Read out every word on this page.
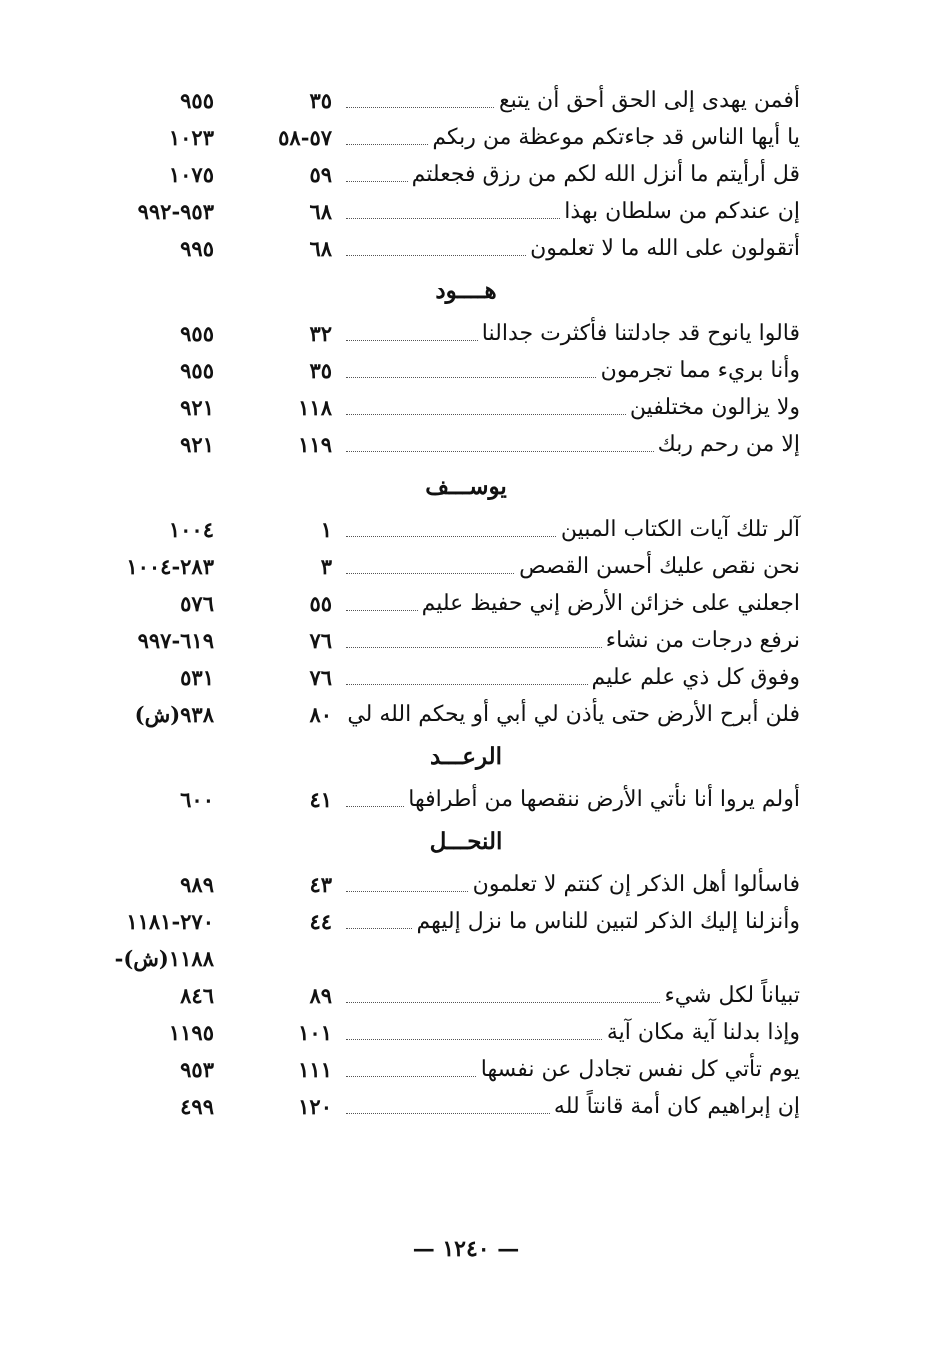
أفمن يهدى إلى الحق أحق أن يتبع
٣٥
٩٥٥
يا أيها الناس قد جاءتكم موعظة من ربكم
٥٧-٥٨
١٠٢٣
قل أرأيتم ما أنزل الله لكم من رزق فجعلتم
٥٩
١٠٧٥
إن عندكم من سلطان بهذا
٦٨
٩٥٣-٩٩٢
أتقولون على الله ما لا تعلمون
٦٨
٩٩٥
هــــود
قالوا يانوح قد جادلتنا فأكثرت جدالنا
٣٢
٩٥٥
وأنا بريء مما تجرمون
٣٥
٩٥٥
ولا يزالون مختلفين
١١٨
٩٢١
إلا من رحم ربك
١١٩
٩٢١
يوســـف
آلر تلك آيات الكتاب المبين
١
١٠٠٤
نحن نقص عليك أحسن القصص
٣
٢٨٣-١٠٠٤
اجعلني على خزائن الأرض إني حفيظ عليم
٥٥
٥٧٦
نرفع درجات من نشاء
٧٦
٦١٩-٩٩٧
وفوق كل ذي علم عليم
٧٦
٥٣١
فلن أبرح الأرض حتى يأذن لي أبي أو يحكم الله لي
٨٠
٩٣٨(ش)
الرعـــد
أولم يروا أنا نأتي الأرض ننقصها من أطرافها
٤١
٦٠٠
النحـــل
فاسألوا أهل الذكر إن كنتم لا تعلمون
٤٣
٩٨٩
وأنزلنا إليك الذكر لتبين للناس ما نزل إليهم
٤٤
٢٧٠-١١٨١
-١١٨٨(ش)
تبياناً لكل شيء
٨٩
٨٤٦
وإذا بدلنا آية مكان آية
١٠١
١١٩٥
يوم تأتي كل نفس تجادل عن نفسها
١١١
٩٥٣
إن إبراهيم كان أمة قانتاً لله
١٢٠
٤٩٩
— ١٢٤٠ —
